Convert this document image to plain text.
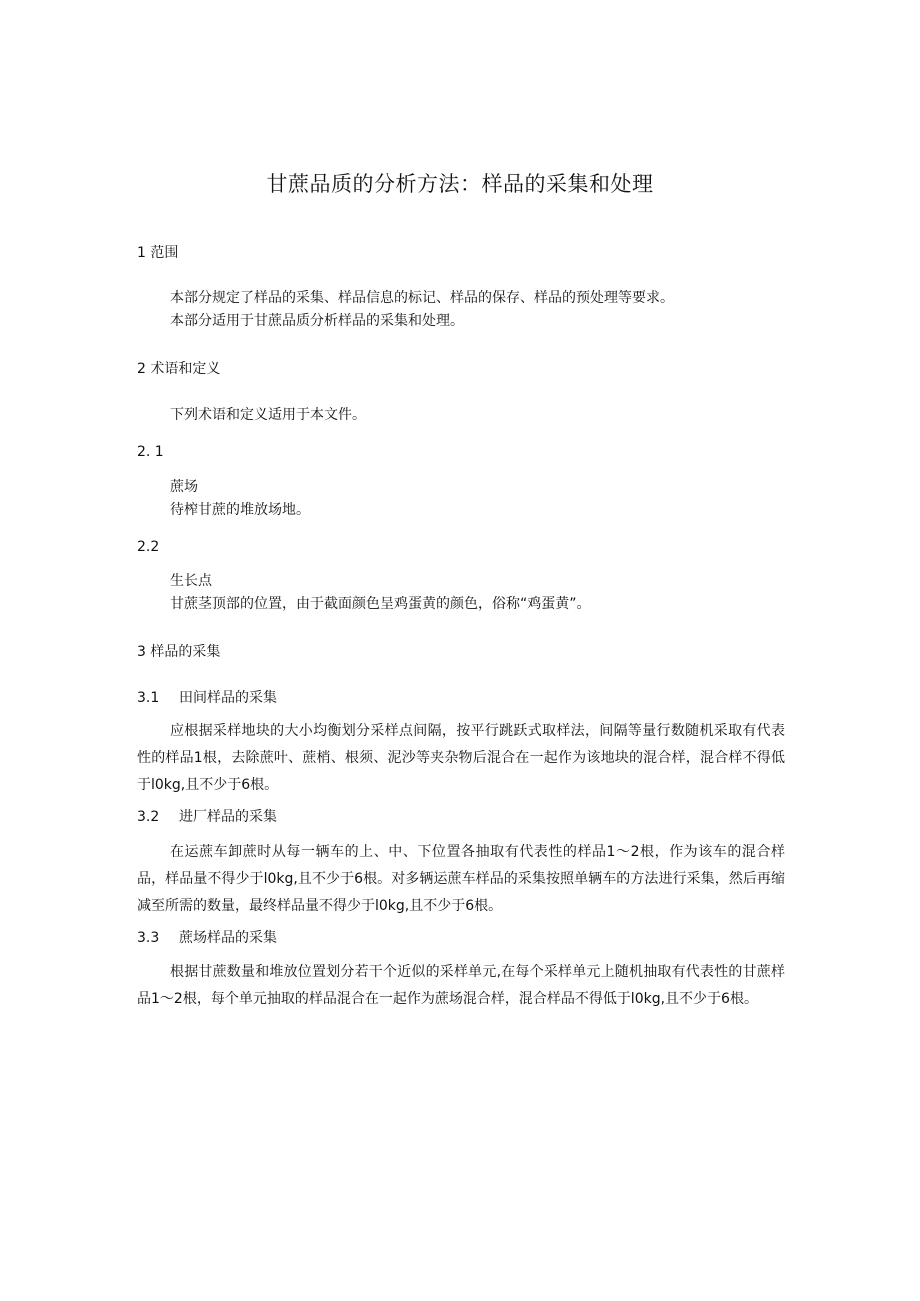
甘蔗品质的分析方法：样品的采集和处理
1 范围
本部分规定了样品的采集、样品信息的标记、样品的保存、样品的预处理等要求。
本部分适用于甘蔗品质分析样品的采集和处理。
2 术语和定义
下列术语和定义适用于本文件。
2. 1
蔗场
待榨甘蔗的堆放场地。
2.2
生长点
甘蔗茎顶部的位置，由于截面颜色呈鸡蛋黄的颜色，俗称“鸡蛋黄”。
3 样品的采集
3.1 田间样品的采集
应根据采样地块的大小均衡划分采样点间隔，按平行跳跃式取样法，间隔等量行数随机采取有代表性的样品1根，去除蔗叶、蔗梢、根须、泥沙等夹杂物后混合在一起作为该地块的混合样，混合样不得低于l0kg,且不少于6根。
3.2 进厂样品的采集
在运蔗车卸蔗时从每一辆车的上、中、下位置各抽取有代表性的样品1～2根，作为该车的混合样品，样品量不得少于l0kg,且不少于6根。对多辆运蔗车样品的采集按照单辆车的方法进行采集，然后再缩减至所需的数量，最终样品量不得少于l0kg,且不少于6根。
3.3 蔗场样品的采集
根据甘蔗数量和堆放位置划分若干个近似的采样单元,在每个采样单元上随机抽取有代表性的甘蔗样品1～2根，每个单元抽取的样品混合在一起作为蔗场混合样，混合样品不得低于l0kg,且不少于6根。
